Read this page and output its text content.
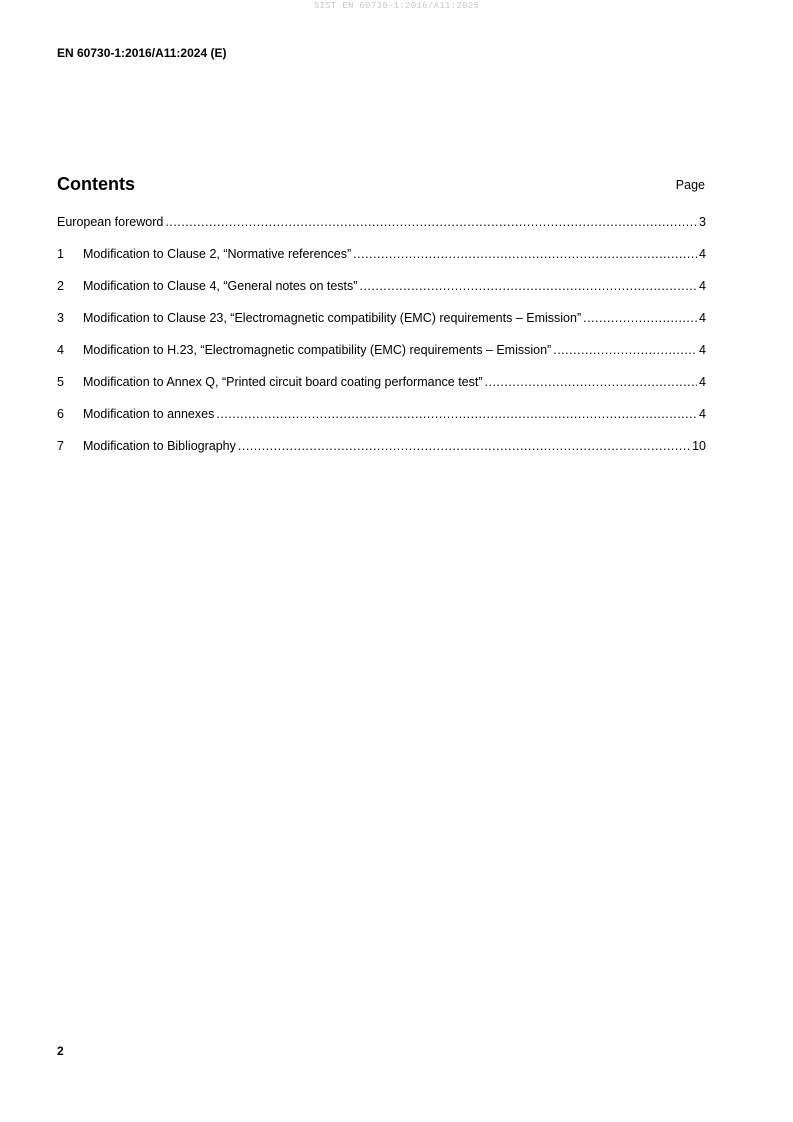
SIST EN 60730-1:2016/A11:2025
EN 60730-1:2016/A11:2024 (E)
Contents	Page
European foreword .....	3
1	Modification to Clause 2, “Normative references” .....	4
2	Modification to Clause 4, “General notes on tests” .....	4
3	Modification to Clause 23, “Electromagnetic compatibility (EMC) requirements – Emission” .....	4
4	Modification to H.23, “Electromagnetic compatibility (EMC) requirements – Emission” .....	4
5	Modification to Annex Q, “Printed circuit board coating performance test” .....	4
6	Modification to annexes .....	4
7	Modification to Bibliography .....	10
2
